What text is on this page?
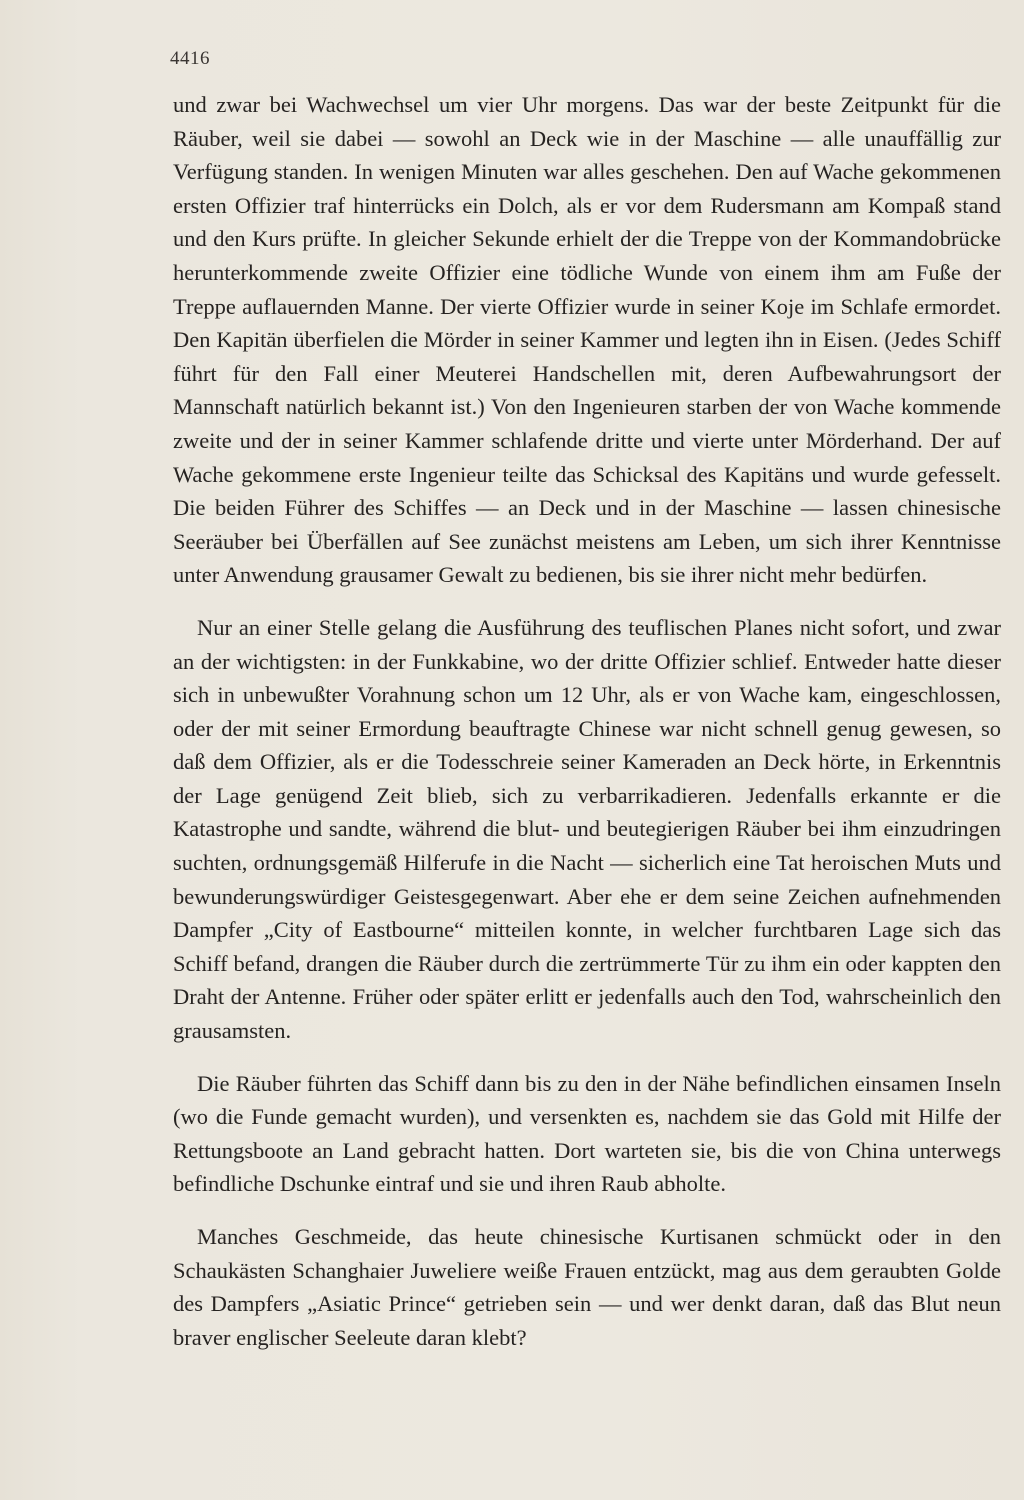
4416

und zwar bei Wachwechsel um vier Uhr morgens. Das war der beste Zeitpunkt für die Räuber, weil sie dabei — sowohl an Deck wie in der Maschine — alle unauffällig zur Verfügung standen. In wenigen Minuten war alles geschehen. Den auf Wache gekommenen ersten Offizier traf hinterrücks ein Dolch, als er vor dem Rudersmann am Kompaß stand und den Kurs prüfte. In gleicher Sekunde erhielt der die Treppe von der Kommandobrücke herunterkommende zweite Offizier eine tödliche Wunde von einem ihm am Fuße der Treppe auflauernden Manne. Der vierte Offizier wurde in seiner Koje im Schlafe ermordet. Den Kapitän überfielen die Mörder in seiner Kammer und legten ihn in Eisen. (Jedes Schiff führt für den Fall einer Meuterei Handschellen mit, deren Aufbewahrungsort der Mannschaft natürlich bekannt ist.) Von den Ingenieuren starben der von Wache kommende zweite und der in seiner Kammer schlafende dritte und vierte unter Mörderhand. Der auf Wache gekommene erste Ingenieur teilte das Schicksal des Kapitäns und wurde gefesselt. Die beiden Führer des Schiffes — an Deck und in der Maschine — lassen chinesische Seeräuber bei Überfällen auf See zunächst meistens am Leben, um sich ihrer Kenntnisse unter Anwendung grausamer Gewalt zu bedienen, bis sie ihrer nicht mehr bedürfen.

Nur an einer Stelle gelang die Ausführung des teuflischen Planes nicht sofort, und zwar an der wichtigsten: in der Funkkabine, wo der dritte Offizier schlief. Entweder hatte dieser sich in unbewußter Vorahnung schon um 12 Uhr, als er von Wache kam, eingeschlossen, oder der mit seiner Ermordung beauftragte Chinese war nicht schnell genug gewesen, so daß dem Offizier, als er die Todesschreie seiner Kameraden an Deck hörte, in Erkenntnis der Lage genügend Zeit blieb, sich zu verbarrikadieren. Jedenfalls erkannte er die Katastrophe und sandte, während die blut- und beutegierigen Räuber bei ihm einzudringen suchten, ordnungsgemäß Hilferufe in die Nacht — sicherlich eine Tat heroischen Muts und bewunderungswürdiger Geistesgegenwart. Aber ehe er dem seine Zeichen aufnehmenden Dampfer „City of Eastbourne“ mitteilen konnte, in welcher furchtbaren Lage sich das Schiff befand, drangen die Räuber durch die zertrümmerte Tür zu ihm ein oder kappten den Draht der Antenne. Früher oder später erlitt er jedenfalls auch den Tod, wahrscheinlich den grausamsten.

Die Räuber führten das Schiff dann bis zu den in der Nähe befindlichen einsamen Inseln (wo die Funde gemacht wurden), und versenkten es, nachdem sie das Gold mit Hilfe der Rettungsboote an Land gebracht hatten. Dort warteten sie, bis die von China unterwegs befindliche Dschunke eintraf und sie und ihren Raub abholte.

Manches Geschmeide, das heute chinesische Kurtisanen schmückt oder in den Schaukästen Schanghaier Juweliere weiße Frauen entzückt, mag aus dem geraubten Golde des Dampfers „Asiatic Prince“ getrieben sein — und wer denkt daran, daß das Blut neun braver englischer Seeleute daran klebt?
